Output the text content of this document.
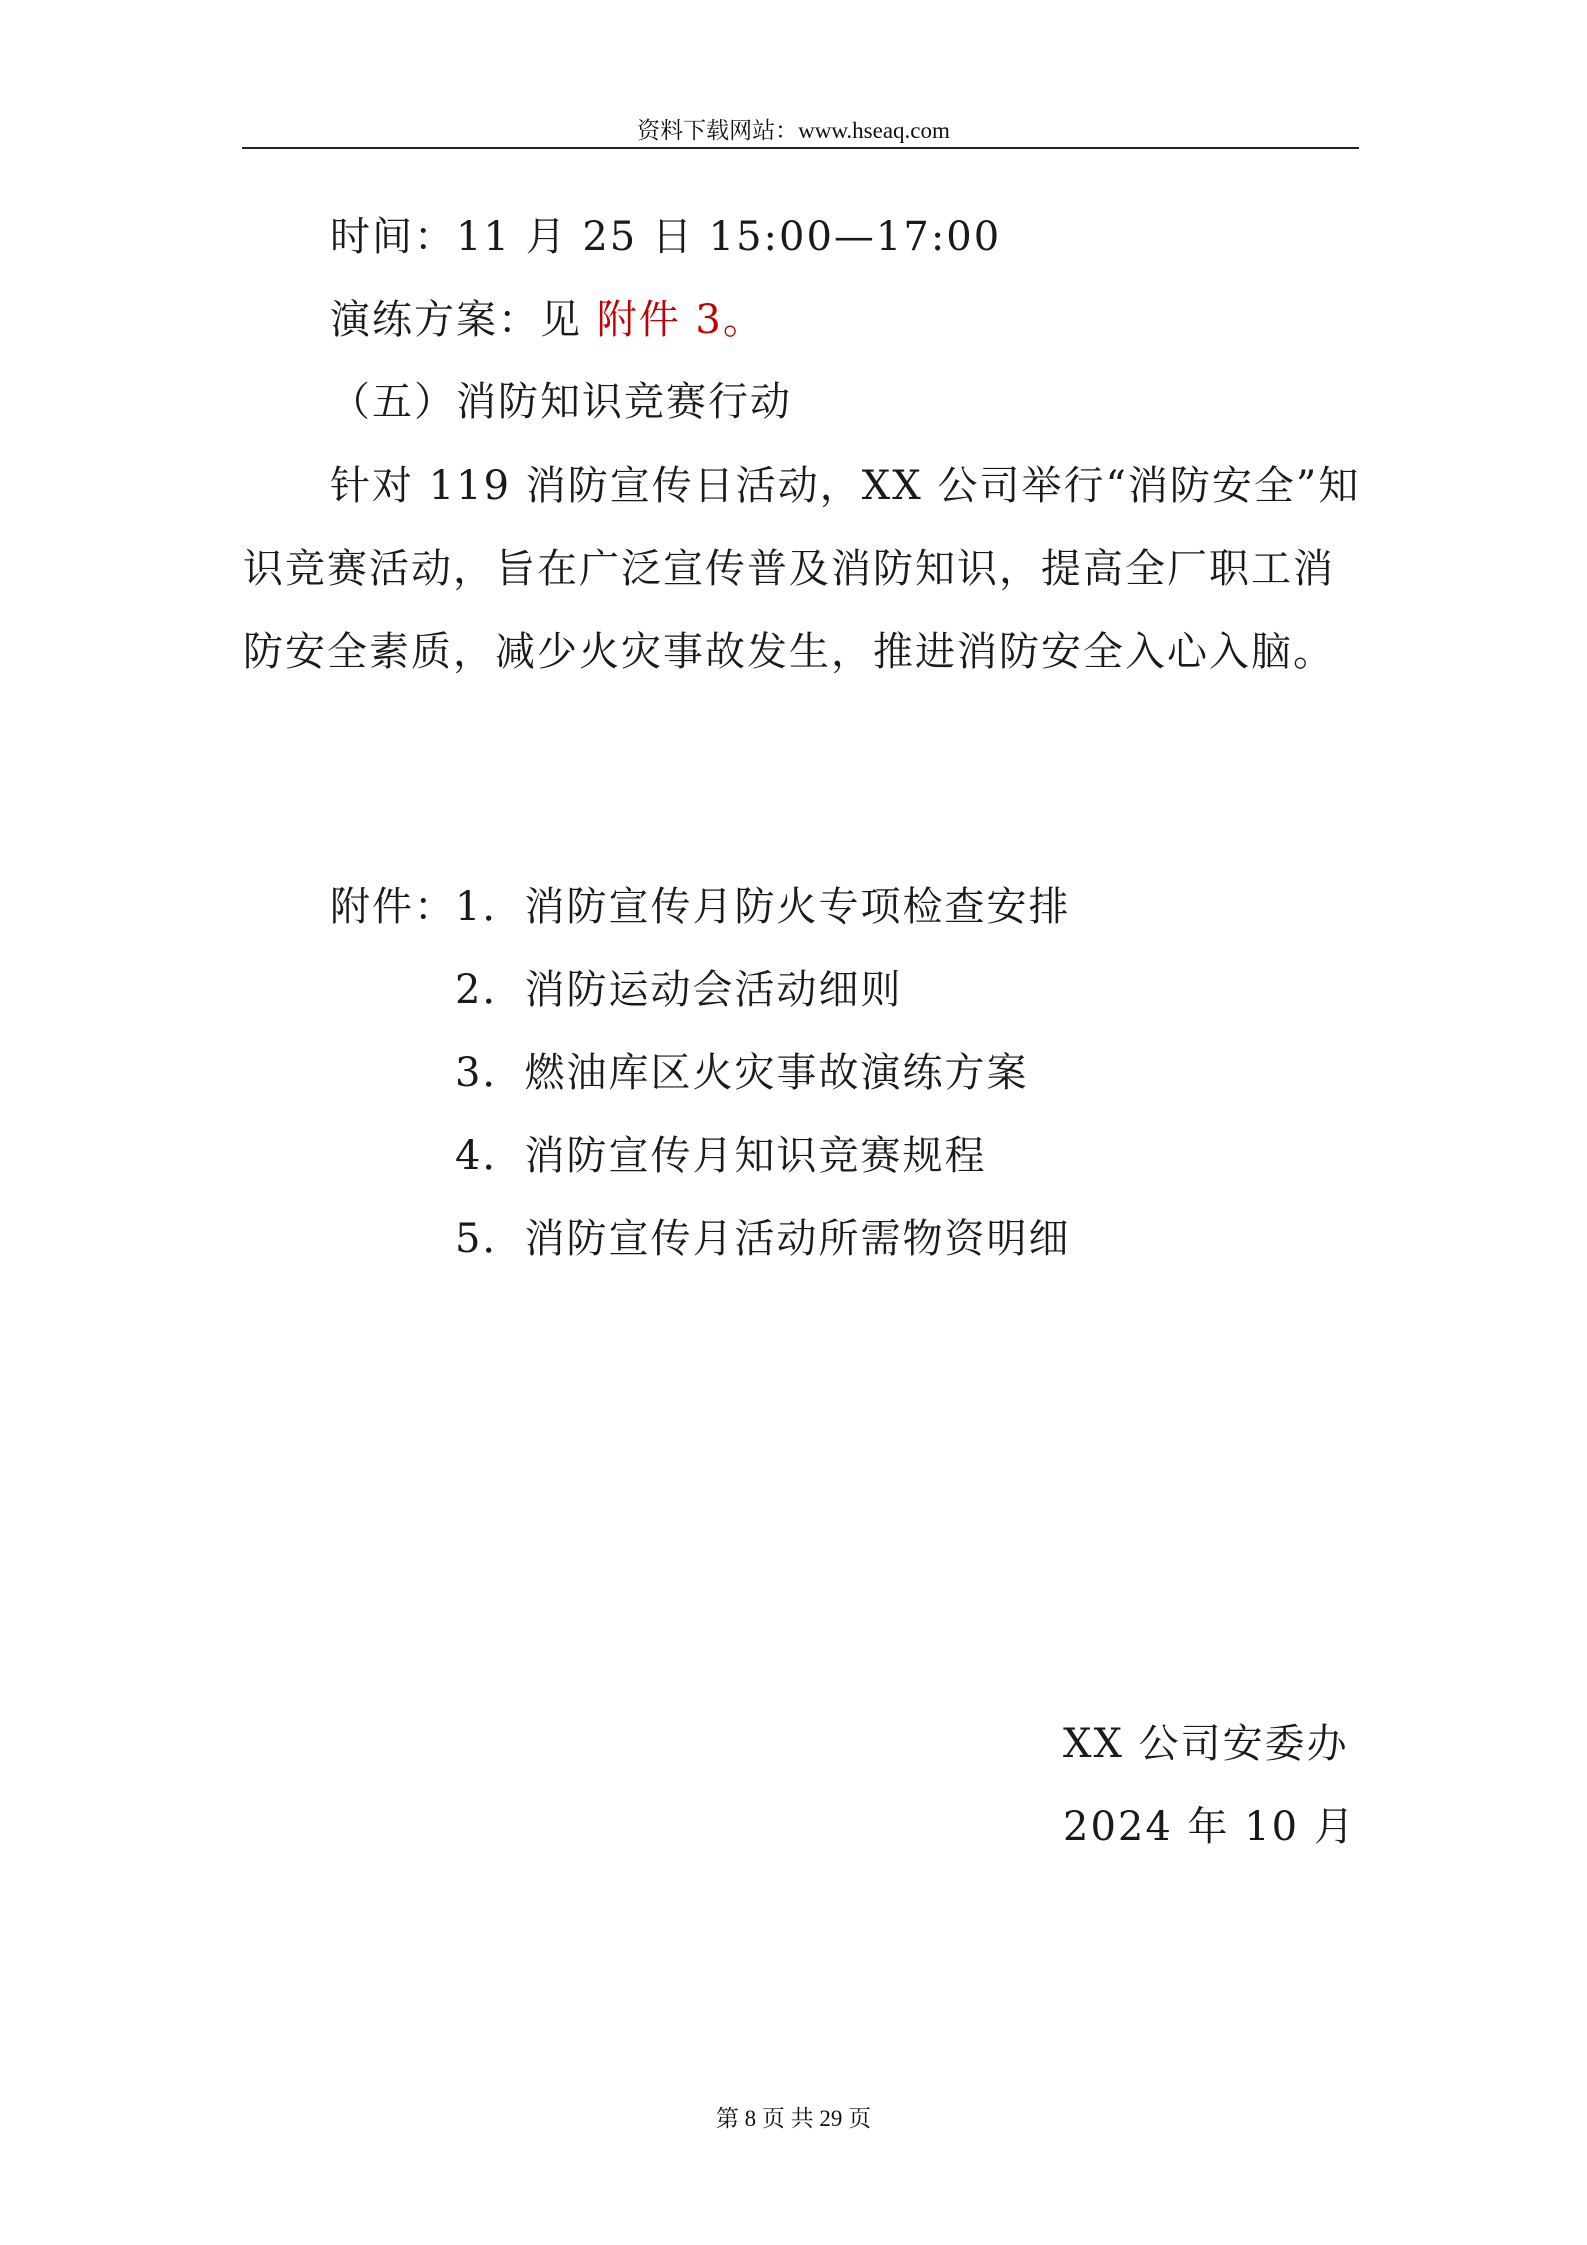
资料下载网站：www.hseaq.com
时间：11 月 25 日 15:00—17:00
演练方案：见 附件 3。
（五）消防知识竞赛行动
针对 119 消防宣传日活动，XX 公司举行“消防安全”知
识竞赛活动，旨在广泛宣传普及消防知识，提高全厂职工消
防安全素质，减少火灾事故发生，推进消防安全入心入脑。
附件： 1．消防宣传月防火专项检查安排
2．消防运动会活动细则
3．燃油库区火灾事故演练方案
4．消防宣传月知识竞赛规程
5．消防宣传月活动所需物资明细
XX 公司安委办
2024 年 10 月
第 8 页 共 29 页
